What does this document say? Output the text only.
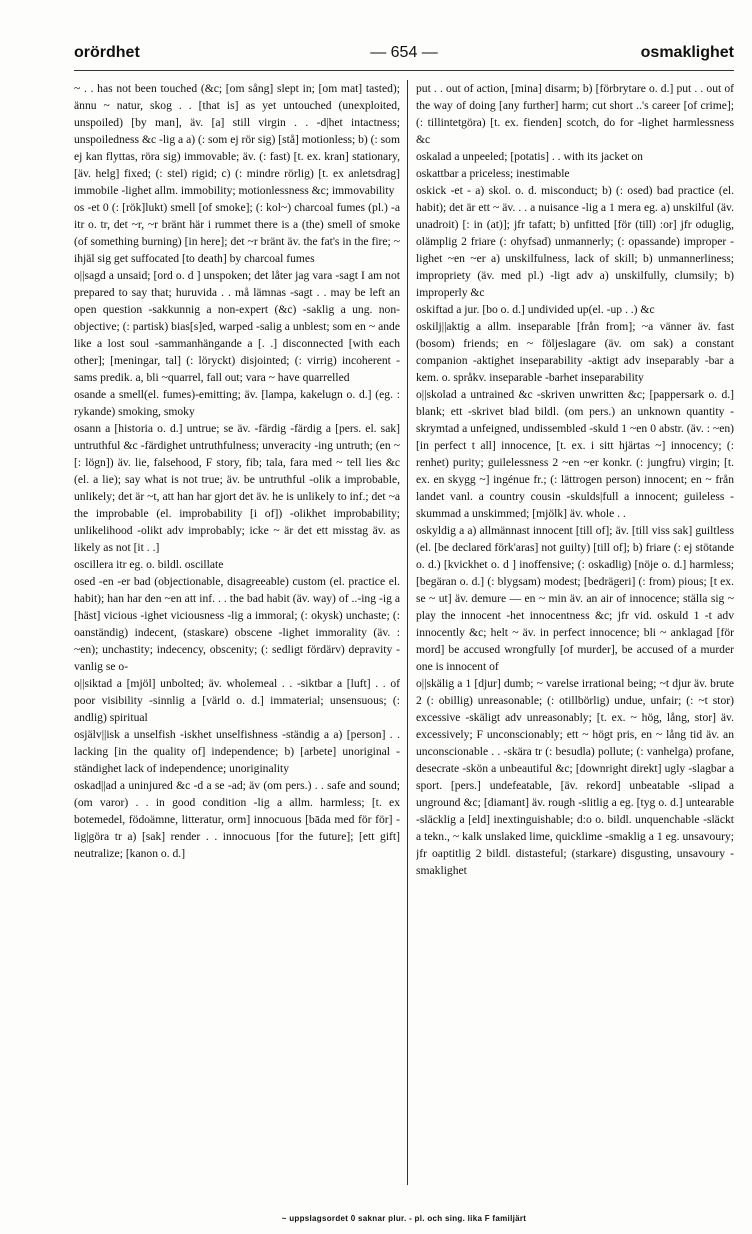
orördhet	— 654 —	osmaklighet

~ . . has not been touched (&c; [om sång] slept in; [om mat] tasted); ännu ~ natur, skog . . [that is] as yet untouched (unexploited, unspoiled) [by man], äv. [a] still virgin . . -d|het intactness; unspoiledness &c -lig a a) (: som ej rör sig) [stå] motionless; b) (: som ej kan flyttas, röra sig) immovable; äv. (: fast) [t. ex. kran] stationary, [äv. helg] fixed; (: stel) rigid; c) (: mindre rörlig) [t. ex anletsdrag] immobile -lighet allm. immobility; motionlessness &c; immovability

os -et 0 (: [rök]lukt) smell [of smoke]; (: kol~) charcoal fumes (pl.) -a itr o. tr, det ~r, ~r bränt här i rummet there is a (the) smell of smoke (of something burning) [in here]; det ~r bränt äv. the fat's in the fire; ~ ihjäl sig get suffocated [to death] by charcoal fumes

o||sagd a unsaid; [ord o. d ] unspoken; det låter jag vara -sagt I am not prepared to say that; huruvida . . må lämnas -sagt . . may be left an open question -sakkunnig a non-expert (&c) -saklig a ung. non-objective; (: partisk) bias[s]ed, warped -salig a unblest; som en ~ ande like a lost soul -sammanhängande a [. .] disconnected [with each other]; [meningar, tal] (: löryckt) disjointed; (: virrig) incoherent -sams predik. a, bli ~quarrel, fall out; vara ~ have quarrelled

osande a smell(el. fumes)-emitting; äv. [lampa, kakelugn o. d.] (eg. : rykande) smoking, smoky

osann a [historia o. d.] untrue; se äv. -färdig -färdig a [pers. el. sak] untruthful &c -färdighet untruthfulness; unveracity -ing untruth; (en ~ [: lögn]) äv. lie, falsehood, F story, fib; tala, fara med ~ tell lies &c (el. a lie); say what is not true; äv. be untruthful -olik a improbable, unlikely; det är ~t, att han har gjort det äv. he is unlikely to inf.; det ~a the improbable (el. improbability [i of]) -olikhet improbability; unlikelihood -olikt adv improbably; icke ~ är det ett misstag äv. as likely as not [it . .]

oscillera itr eg. o. bildl. oscillate

osed -en -er bad (objectionable, disagreeable) custom (el. practice el. habit); han har den ~en att inf. . . the bad habit (äv. way) of ..-ing -ig a [häst] vicious -ighet viciousness -lig a immoral; (: okysk) unchaste; (: oanständig) indecent, (staskare) obscene -lighet immorality (äv. : ~en); unchastity; indecency, obscenity; (: sedligt fördärv) depravity -vanlig se o-

o||siktad a [mjöl] unbolted; äv. wholemeal . . -siktbar a [luft] . . of poor visibility -sinnlig a [värld o. d.] immaterial; unsensuous; (: andlig) spiritual

osjälv||isk a unselfish -iskhet unselfishness -ständig a a) [person] . . lacking [in the quality of] independence; b) [arbete] unoriginal -ständighet lack of independence; unoriginality

oskad||ad a uninjured &c -d a se -ad; äv (om pers.) . . safe and sound; (om varor) . . in good condition -lig a allm. harmless; [t. ex botemedel, födoämne, litteratur, orm] innocuous [bāda med för för] -lig|göra tr a) [sak] render . . innocuous [for the future]; [ett gift] neutralize; [kanon o. d.]

put . . out of action, [mina] disarm; b) [förbrytare o. d.] put . . out of the way of doing [any further] harm; cut short ..'s career [of crime]; (: tillintetgöra) [t. ex. fienden] scotch, do for -lighet harmlessness &c

oskalad a unpeeled; [potatis] . . with its jacket on

oskattbar a priceless; inestimable

oskick -et - a) skol. o. d. misconduct; b) (: osed) bad practice (el. habit); det är ett ~ äv. . . a nuisance -lig a 1 mera eg. a) unskilful (äv. unadroit) [: in (at)]; jfr tafatt; b) unfitted [för (till) :or] jfr oduglig, olämplig 2 friare (: ohyfsad) unmannerly; (: opassande) improper -lighet ~en ~er a) unskilfulness, lack of skill; b) unmannerliness; impropriety (äv. med pl.) -ligt adv a) unskilfully, clumsily; b) improperly &c

oskiftad a jur. [bo o. d.] undivided up(el. -up . .) &c

oskilj||aktig a allm. inseparable [från from]; ~a vänner äv. fast (bosom) friends; en ~ följeslagare (äv. om sak) a constant companion -aktighet inseparability -aktigt adv inseparably -bar a kem. o. språkv. inseparable -barhet inseparability

o||skolad a untrained &c -skriven unwritten &c; [pappersark o. d.] blank; ett -skrivet blad bildl. (om pers.) an unknown quantity -skrymtad a unfeigned, undissembled -skuld 1 ~en 0 abstr. (äv. : ~en) [in perfect t all] innocence, [t. ex. i sitt hjärtas ~] innocency; (: renhet) purity; guilelessness 2 ~en ~er konkr. (: jungfru) virgin; [t. ex. en skygg ~] ingénue fr.; (: lättrogen person) innocent; en ~ från landet vanl. a country cousin -skulds|full a innocent; guileless -skummad a unskimmed; [mjölk] äv. whole . .

oskyldig a a) allmännast innocent [till of]; äv. [till viss sak] guiltless (el. [be declared förk'aras] not guilty) [till of]; b) friare (: ej stötande o. d.) [kvickhet o. d ] inoffensive; (: oskadlig) [nöje o. d.] harmless; [begäran o. d.] (: blygsam) modest; [bedrägeri] (: from) pious; [t ex. se ~ ut] äv. demure — en ~ min äv. an air of innocence; ställa sig ~ play the innocent -het innocentness &c; jfr vid. oskuld 1 -t adv innocently &c; helt ~ äv. in perfect innocence; bli ~ anklagad [för mord] be accused wrongfully [of murder], be accused of a murder one is innocent of

o||skälig a 1 [djur] dumb; ~ varelse irrational being; ~t djur äv. brute 2 (: obillig) unreasonable; (: otillbörlig) undue, unfair; (: ~t stor) excessive -skäligt adv unreasonably; [t. ex. ~ hög, lång, stor] äv. excessively; F unconscionably; ett ~ högt pris, en ~ lång tid äv. an unconscionable . . -skära tr (: besudla) pollute; (: vanhelga) profane, desecrate -skön a unbeautiful &c; [downright direkt] ugly -slagbar a sport. [pers.] undefeatable, [äv. rekord] unbeatable -slipad a unground &c; [diamant] äv. rough -slitlig a eg. [tyg o. d.] untearable -släcklig a [eld] inextinguishable; d:o o. bildl. unquenchable -släckt a tekn., ~ kalk unslaked lime, quicklime -smaklig a 1 eg. unsavoury; jfr oaptitlig 2 bildl. distasteful; (starkare) disgusting, unsavoury -smaklighet

~ uppslagsordet 0 saknar plur. - pl. och sing. lika F familjärt
